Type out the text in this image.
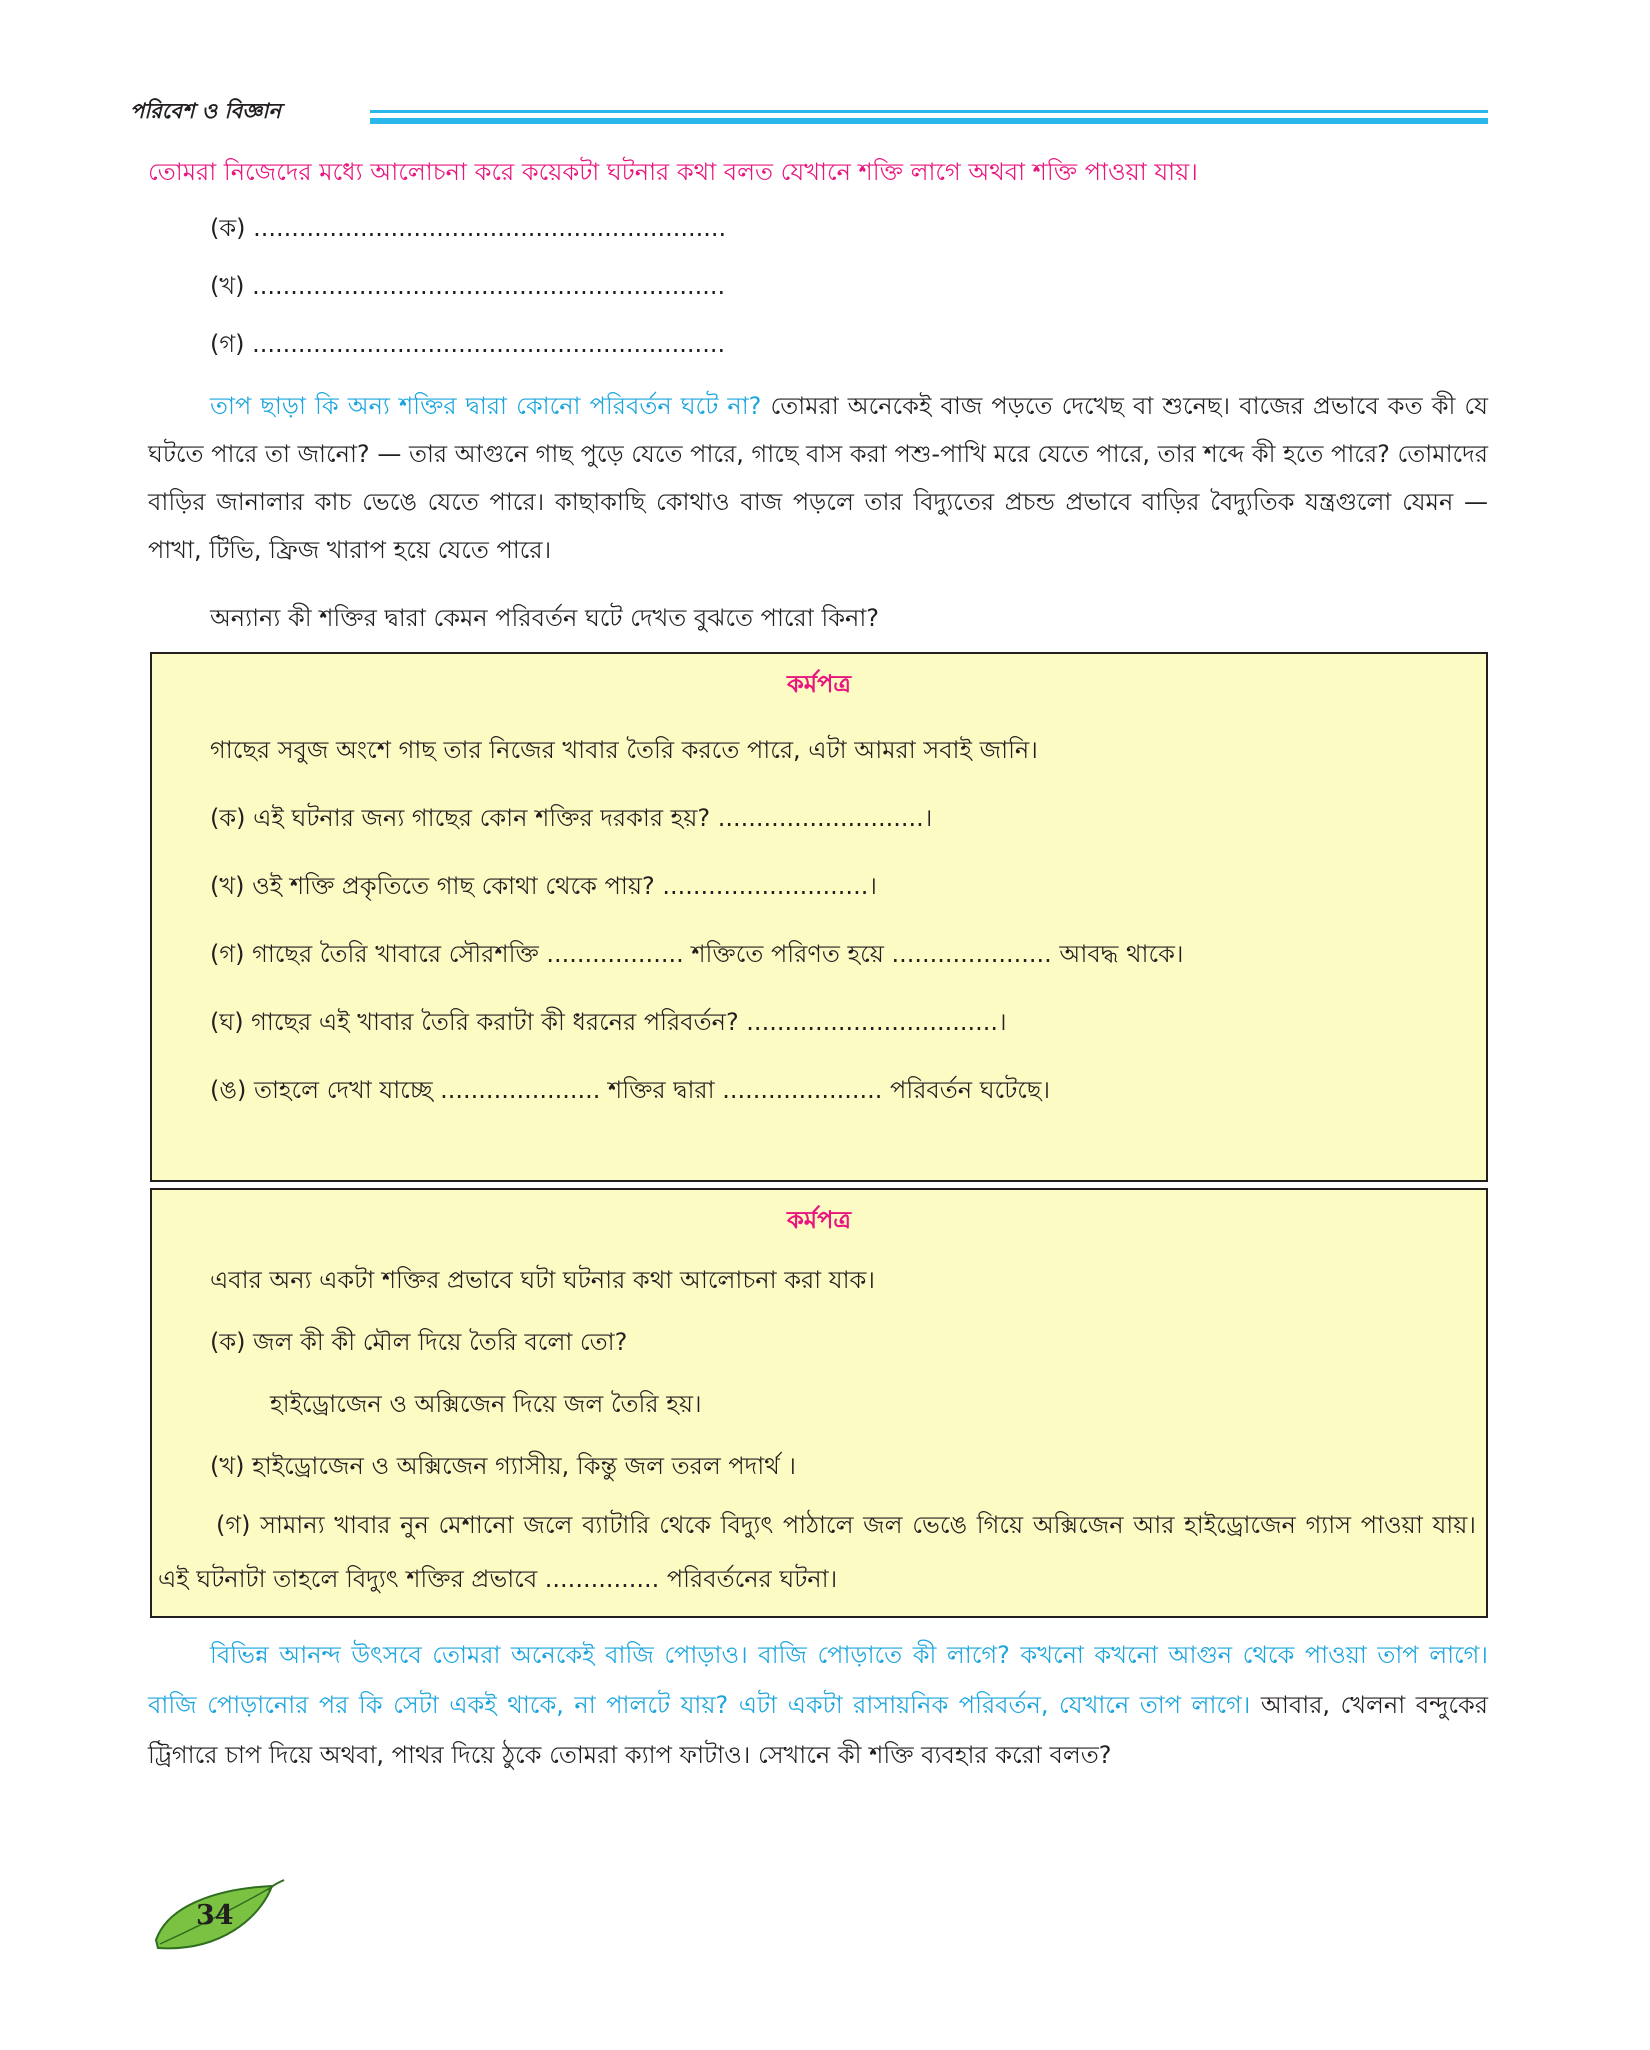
পরিবেশ ও বিজ্ঞান
তোমরা নিজেদের মধ্যে আলোচনা করে কয়েকটা ঘটনার কথা বলত যেখানে শক্তি লাগে অথবা শক্তি পাওয়া যায়।
(ক) ..............................................................
(খ) ..............................................................
(গ) ..............................................................
তাপ ছাড়া কি অন্য শক্তির দ্বারা কোনো পরিবর্তন ঘটে না? তোমরা অনেকেই বাজ পড়তে দেখেছ বা শুনেছ। বাজের প্রভাবে কত কী যে ঘটতে পারে তা জানো? — তার আগুনে গাছ পুড়ে যেতে পারে, গাছে বাস করা পশু-পাখি মরে যেতে পারে, তার শব্দে কী হতে পারে? তোমাদের বাড়ির জানালার কাচ ভেঙে যেতে পারে। কাছাকাছি কোথাও বাজ পড়লে তার বিদ্যুতের প্রচন্ড প্রভাবে বাড়ির বৈদ্যুতিক যন্ত্রগুলো যেমন — পাখা, টিভি, ফ্রিজ খারাপ হয়ে যেতে পারে।
অন্যান্য কী শক্তির দ্বারা কেমন পরিবর্তন ঘটে দেখত বুঝতে পারো কিনা?
কর্মপত্র
গাছের সবুজ অংশে গাছ তার নিজের খাবার তৈরি করতে পারে, এটা আমরা সবাই জানি।
(ক) এই ঘটনার জন্য গাছের কোন শক্তির দরকার হয়? ...........................।
(খ) ওই শক্তি প্রকৃতিতে গাছ কোথা থেকে পায়? ...........................।
(গ) গাছের তৈরি খাবারে সৌরশক্তি .................. শক্তিতে পরিণত হয়ে ..................... আবদ্ধ থাকে।
(ঘ) গাছের এই খাবার তৈরি করাটা কী ধরনের পরিবর্তন? .................................।
(ঙ) তাহলে দেখা যাচ্ছে ..................... শক্তির দ্বারা ..................... পরিবর্তন ঘটেছে।
কর্মপত্র
এবার অন্য একটা শক্তির প্রভাবে ঘটা ঘটনার কথা আলোচনা করা যাক।
(ক) জল কী কী মৌল দিয়ে তৈরি বলো তো?
হাইড্রোজেন ও অক্সিজেন দিয়ে জল তৈরি হয়।
(খ) হাইড্রোজেন ও অক্সিজেন গ্যাসীয়, কিন্তু জল তরল পদার্থ ।
(গ) সামান্য খাবার নুন মেশানো জলে ব্যাটারি থেকে বিদ্যুৎ পাঠালে জল ভেঙে গিয়ে অক্সিজেন আর হাইড্রোজেন গ্যাস পাওয়া যায়। এই ঘটনাটা তাহলে বিদ্যুৎ শক্তির প্রভাবে ............... পরিবর্তনের ঘটনা।
বিভিন্ন আনন্দ উৎসবে তোমরা অনেকেই বাজি পোড়াও। বাজি পোড়াতে কী লাগে? কখনো কখনো আগুন থেকে পাওয়া তাপ লাগে। বাজি পোড়ানোর পর কি সেটা একই থাকে, না পালটে যায়? এটা একটা রাসায়নিক পরিবর্তন, যেখানে তাপ লাগে। আবার, খেলনা বন্দুকের ট্রিগারে চাপ দিয়ে অথবা, পাথর দিয়ে ঠুকে তোমরা ক্যাপ ফাটাও। সেখানে কী শক্তি ব্যবহার করো বলত?
34
